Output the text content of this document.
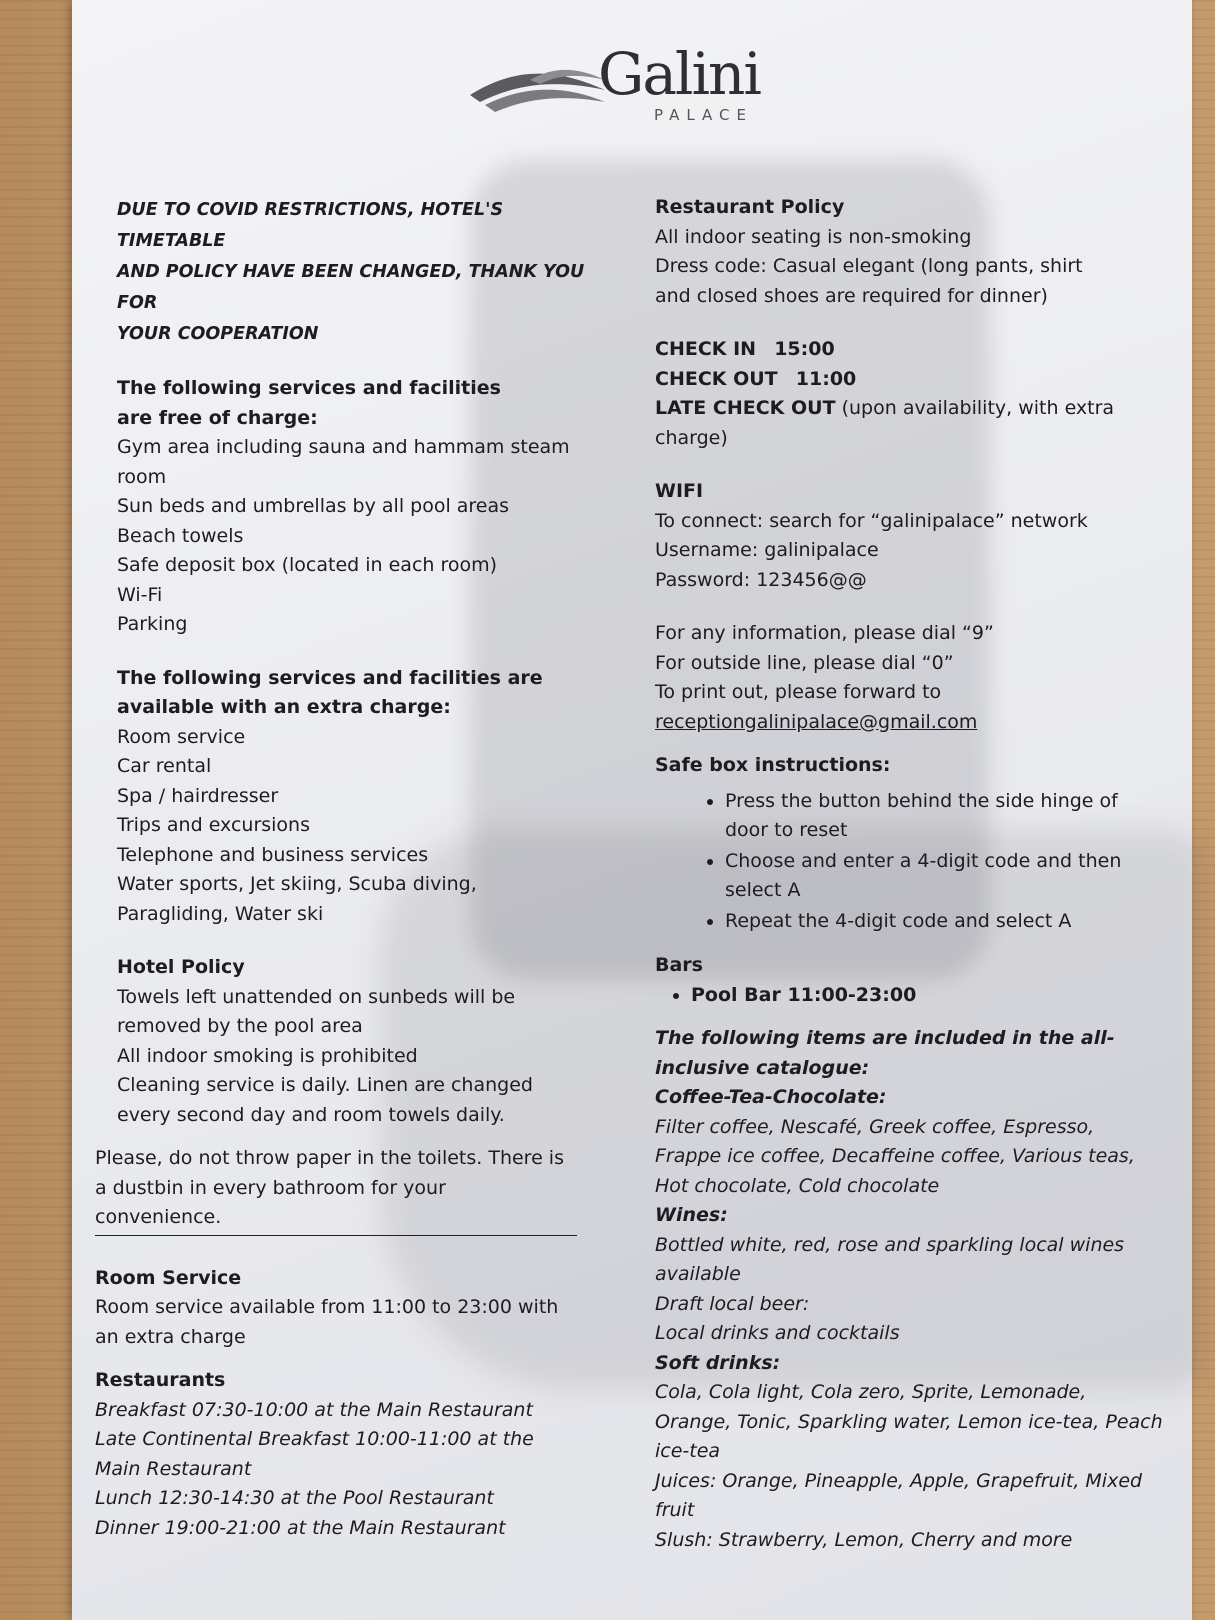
Galini
PALACE
DUE TO COVID RESTRICTIONS, HOTEL'S TIMETABLE
AND POLICY HAVE BEEN CHANGED, THANK YOU FOR
YOUR COOPERATION
The following services and facilities are free of charge:
Gym area including sauna and hammam steam room
Sun beds and umbrellas by all pool areas
Beach towels
Safe deposit box (located in each room)
Wi-Fi
Parking
The following services and facilities are available with an extra charge:
Room service
Car rental
Spa / hairdresser
Trips and excursions
Telephone and business services
Water sports, Jet skiing, Scuba diving, Paragliding, Water ski
Hotel Policy
Towels left unattended on sunbeds will be removed by the pool area
All indoor smoking is prohibited
Cleaning service is daily. Linen are changed every second day and room towels daily.
Please, do not throw paper in the toilets. There is a dustbin in every bathroom for your convenience.
Room Service
Room service available from 11:00 to 23:00 with an extra charge
Restaurants
Breakfast 07:30-10:00 at the Main Restaurant
Late Continental Breakfast 10:00-11:00 at the Main Restaurant
Lunch 12:30-14:30 at the Pool Restaurant
Dinner 19:00-21:00 at the Main Restaurant
Restaurant Policy
All indoor seating is non-smoking
Dress code: Casual elegant (long pants, shirt and closed shoes are required for dinner)
CHECK IN 15:00
CHECK OUT 11:00
LATE CHECK OUT (upon availability, with extra charge)
WIFI
To connect: search for “galinipalace” network
Username: galinipalace
Password: 123456@@
For any information, please dial “9”
For outside line, please dial “0”
To print out, please forward to
receptiongalinipalace@gmail.com
Safe box instructions:
• Press the button behind the side hinge of door to reset
• Choose and enter a 4-digit code and then select A
• Repeat the 4-digit code and select A
Bars
• Pool Bar 11:00-23:00
The following items are included in the all-inclusive catalogue:
Coffee-Tea-Chocolate:
Filter coffee, Nescafé, Greek coffee, Espresso, Frappe ice coffee, Decaffeine coffee, Various teas, Hot chocolate, Cold chocolate
Wines:
Bottled white, red, rose and sparkling local wines available
Draft local beer:
Local drinks and cocktails
Soft drinks:
Cola, Cola light, Cola zero, Sprite, Lemonade, Orange, Tonic, Sparkling water, Lemon ice-tea, Peach ice-tea
Juices: Orange, Pineapple, Apple, Grapefruit, Mixed fruit
Slush: Strawberry, Lemon, Cherry and more
